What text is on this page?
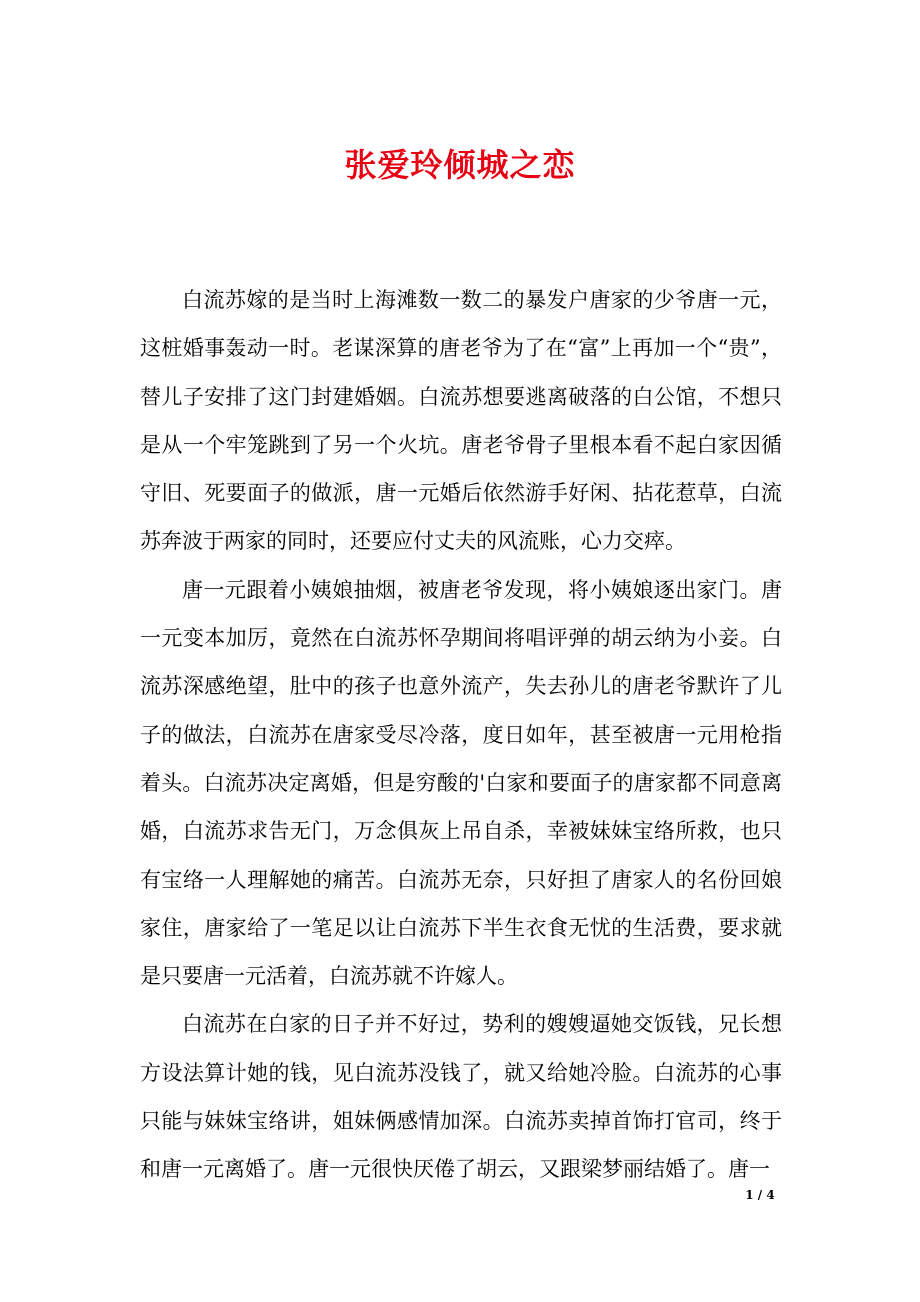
张爱玲倾城之恋

白流苏嫁的是当时上海滩数一数二的暴发户唐家的少爷唐一元，这桩婚事轰动一时。老谋深算的唐老爷为了在“富”上再加一个“贵”，替儿子安排了这门封建婚姻。白流苏想要逃离破落的白公馆，不想只是从一个牢笼跳到了另一个火坑。唐老爷骨子里根本看不起白家因循守旧、死要面子的做派，唐一元婚后依然游手好闲、拈花惹草，白流苏奔波于两家的同时，还要应付丈夫的风流账，心力交瘁。

唐一元跟着小姨娘抽烟，被唐老爷发现，将小姨娘逐出家门。唐一元变本加厉，竟然在白流苏怀孕期间将唱评弹的胡云纳为小妾。白流苏深感绝望，肚中的孩子也意外流产，失去孙儿的唐老爷默许了儿子的做法，白流苏在唐家受尽冷落，度日如年，甚至被唐一元用枪指着头。白流苏决定离婚，但是穷酸的'白家和要面子的唐家都不同意离婚，白流苏求告无门，万念俱灰上吊自杀，幸被妹妹宝络所救，也只有宝络一人理解她的痛苦。白流苏无奈，只好担了唐家人的名份回娘家住，唐家给了一笔足以让白流苏下半生衣食无忧的生活费，要求就是只要唐一元活着，白流苏就不许嫁人。

白流苏在白家的日子并不好过，势利的嫂嫂逼她交饭钱，兄长想方设法算计她的钱，见白流苏没钱了，就又给她冷脸。白流苏的心事只能与妹妹宝络讲，姐妹俩感情加深。白流苏卖掉首饰打官司，终于和唐一元离婚了。唐一元很快厌倦了胡云，又跟梁梦丽结婚了。唐一

1 / 4
